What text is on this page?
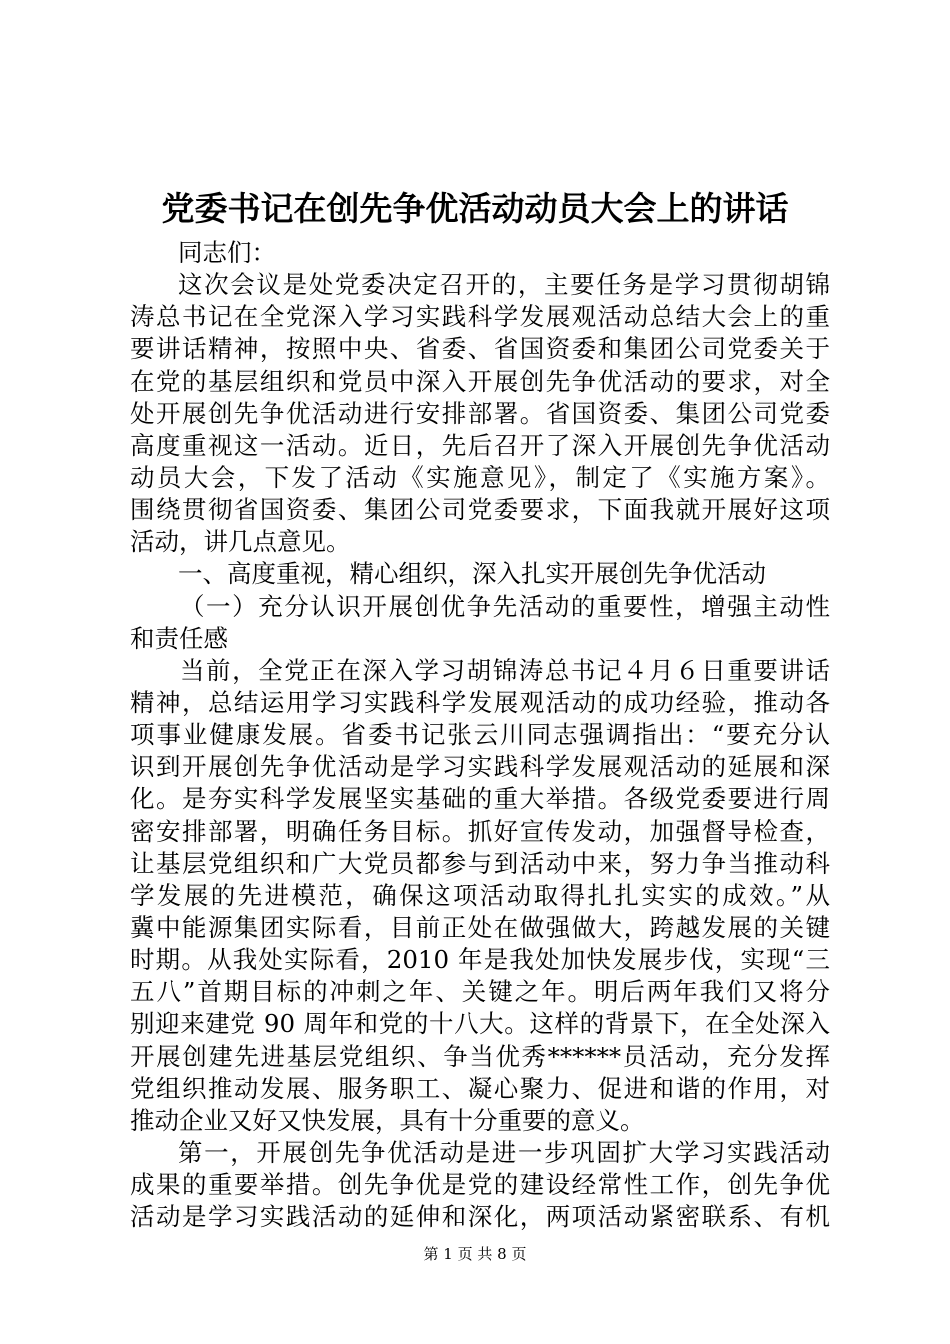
党委书记在创先争优活动动员大会上的讲话
同志们：
这次会议是处党委决定召开的，主要任务是学习贯彻胡锦
涛总书记在全党深入学习实践科学发展观活动总结大会上的重
要讲话精神，按照中央、省委、省国资委和集团公司党委关于
在党的基层组织和党员中深入开展创先争优活动的要求，对全
处开展创先争优活动进行安排部署。省国资委、集团公司党委
高度重视这一活动。近日，先后召开了深入开展创先争优活动
动员大会，下发了活动《实施意见》，制定了《实施方案》。
围绕贯彻省国资委、集团公司党委要求，下面我就开展好这项
活动，讲几点意见。
一、高度重视，精心组织，深入扎实开展创先争优活动
（一）充分认识开展创优争先活动的重要性，增强主动性
和责任感
当前，全党正在深入学习胡锦涛总书记４月６日重要讲话
精神，总结运用学习实践科学发展观活动的成功经验，推动各
项事业健康发展。省委书记张云川同志强调指出：“要充分认
识到开展创先争优活动是学习实践科学发展观活动的延展和深
化。是夯实科学发展坚实基础的重大举措。各级党委要进行周
密安排部署，明确任务目标。抓好宣传发动，加强督导检查，
让基层党组织和广大党员都参与到活动中来，努力争当推动科
学发展的先进模范，确保这项活动取得扎扎实实的成效。”从
冀中能源集团实际看，目前正处在做强做大，跨越发展的关键
时期。从我处实际看，2010 年是我处加快发展步伐，实现“三
五八”首期目标的冲刺之年、关键之年。明后两年我们又将分
别迎来建党 90 周年和党的十八大。这样的背景下，在全处深入
开展创建先进基层党组织、争当优秀******员活动，充分发挥
党组织推动发展、服务职工、凝心聚力、促进和谐的作用，对
推动企业又好又快发展，具有十分重要的意义。
第一，开展创先争优活动是进一步巩固扩大学习实践活动
成果的重要举措。创先争优是党的建设经常性工作，创先争优
活动是学习实践活动的延伸和深化，两项活动紧密联系、有机
第 1 页 共 8 页
